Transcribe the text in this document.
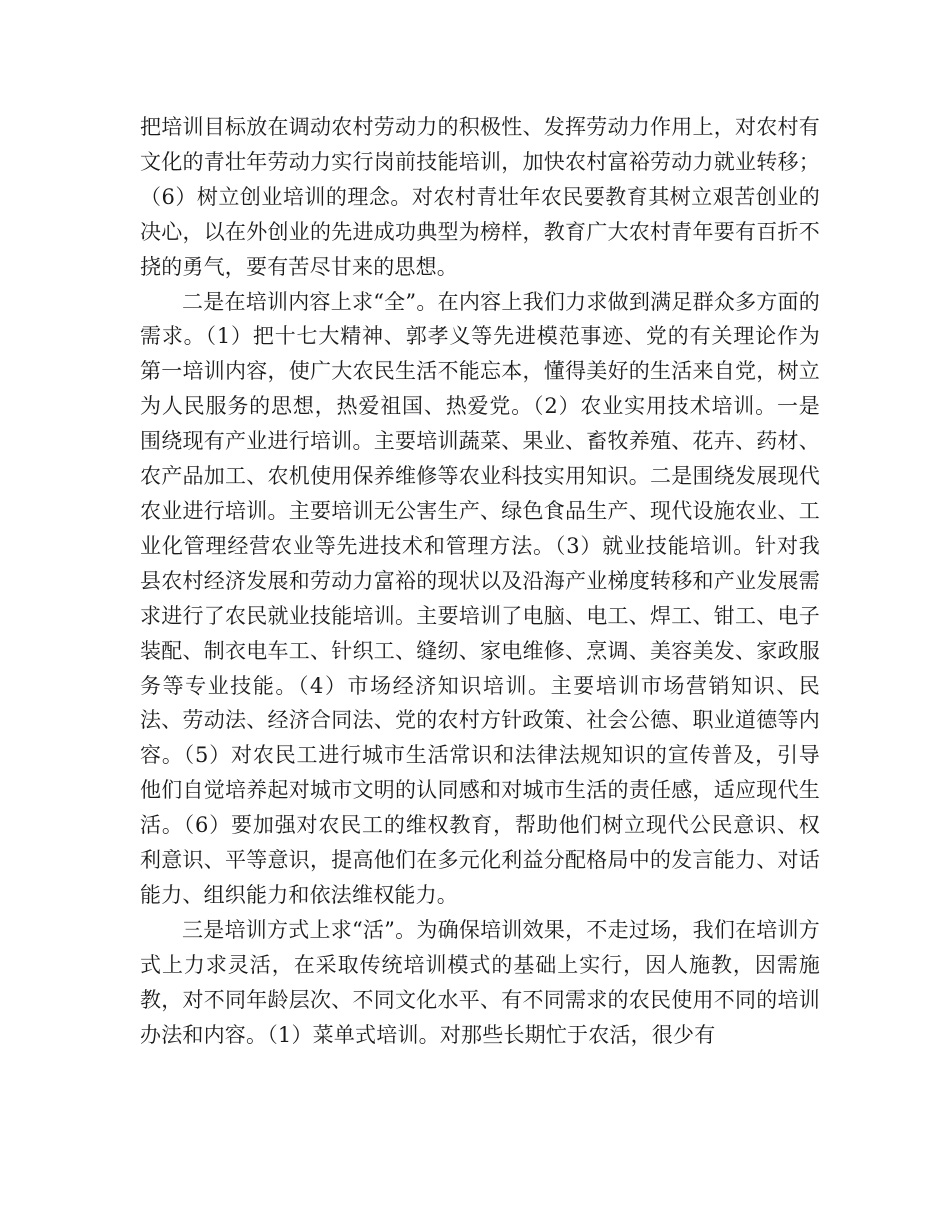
把培训目标放在调动农村劳动力的积极性、发挥劳动力作用上，对农村有文化的青壮年劳动力实行岗前技能培训，加快农村富裕劳动力就业转移；（6）树立创业培训的理念。对农村青壮年农民要教育其树立艰苦创业的决心，以在外创业的先进成功典型为榜样，教育广大农村青年要有百折不挠的勇气，要有苦尽甘来的思想。

二是在培训内容上求“全”。在内容上我们力求做到满足群众多方面的需求。（1）把十七大精神、郭孝义等先进模范事迹、党的有关理论作为第一培训内容，使广大农民生活不能忘本，懂得美好的生活来自党，树立为人民服务的思想，热爱祖国、热爱党。（2）农业实用技术培训。一是围绕现有产业进行培训。主要培训蔬菜、果业、畜牧养殖、花卉、药材、农产品加工、农机使用保养维修等农业科技实用知识。二是围绕发展现代农业进行培训。主要培训无公害生产、绿色食品生产、现代设施农业、工业化管理经营农业等先进技术和管理方法。（3）就业技能培训。针对我县农村经济发展和劳动力富裕的现状以及沿海产业梯度转移和产业发展需求进行了农民就业技能培训。主要培训了电脑、电工、焊工、钳工、电子装配、制衣电车工、针织工、缝纫、家电维修、烹调、美容美发、家政服务等专业技能。（4）市场经济知识培训。主要培训市场营销知识、民法、劳动法、经济合同法、党的农村方针政策、社会公德、职业道德等内容。（5）对农民工进行城市生活常识和法律法规知识的宣传普及，引导他们自觉培养起对城市文明的认同感和对城市生活的责任感，适应现代生活。（6）要加强对农民工的维权教育，帮助他们树立现代公民意识、权利意识、平等意识，提高他们在多元化利益分配格局中的发言能力、对话能力、组织能力和依法维权能力。

三是培训方式上求“活”。为确保培训效果，不走过场，我们在培训方式上力求灵活，在采取传统培训模式的基础上实行，因人施教，因需施教，对不同年龄层次、不同文化水平、有不同需求的农民使用不同的培训办法和内容。（1）菜单式培训。对那些长期忙于农活，很少有
